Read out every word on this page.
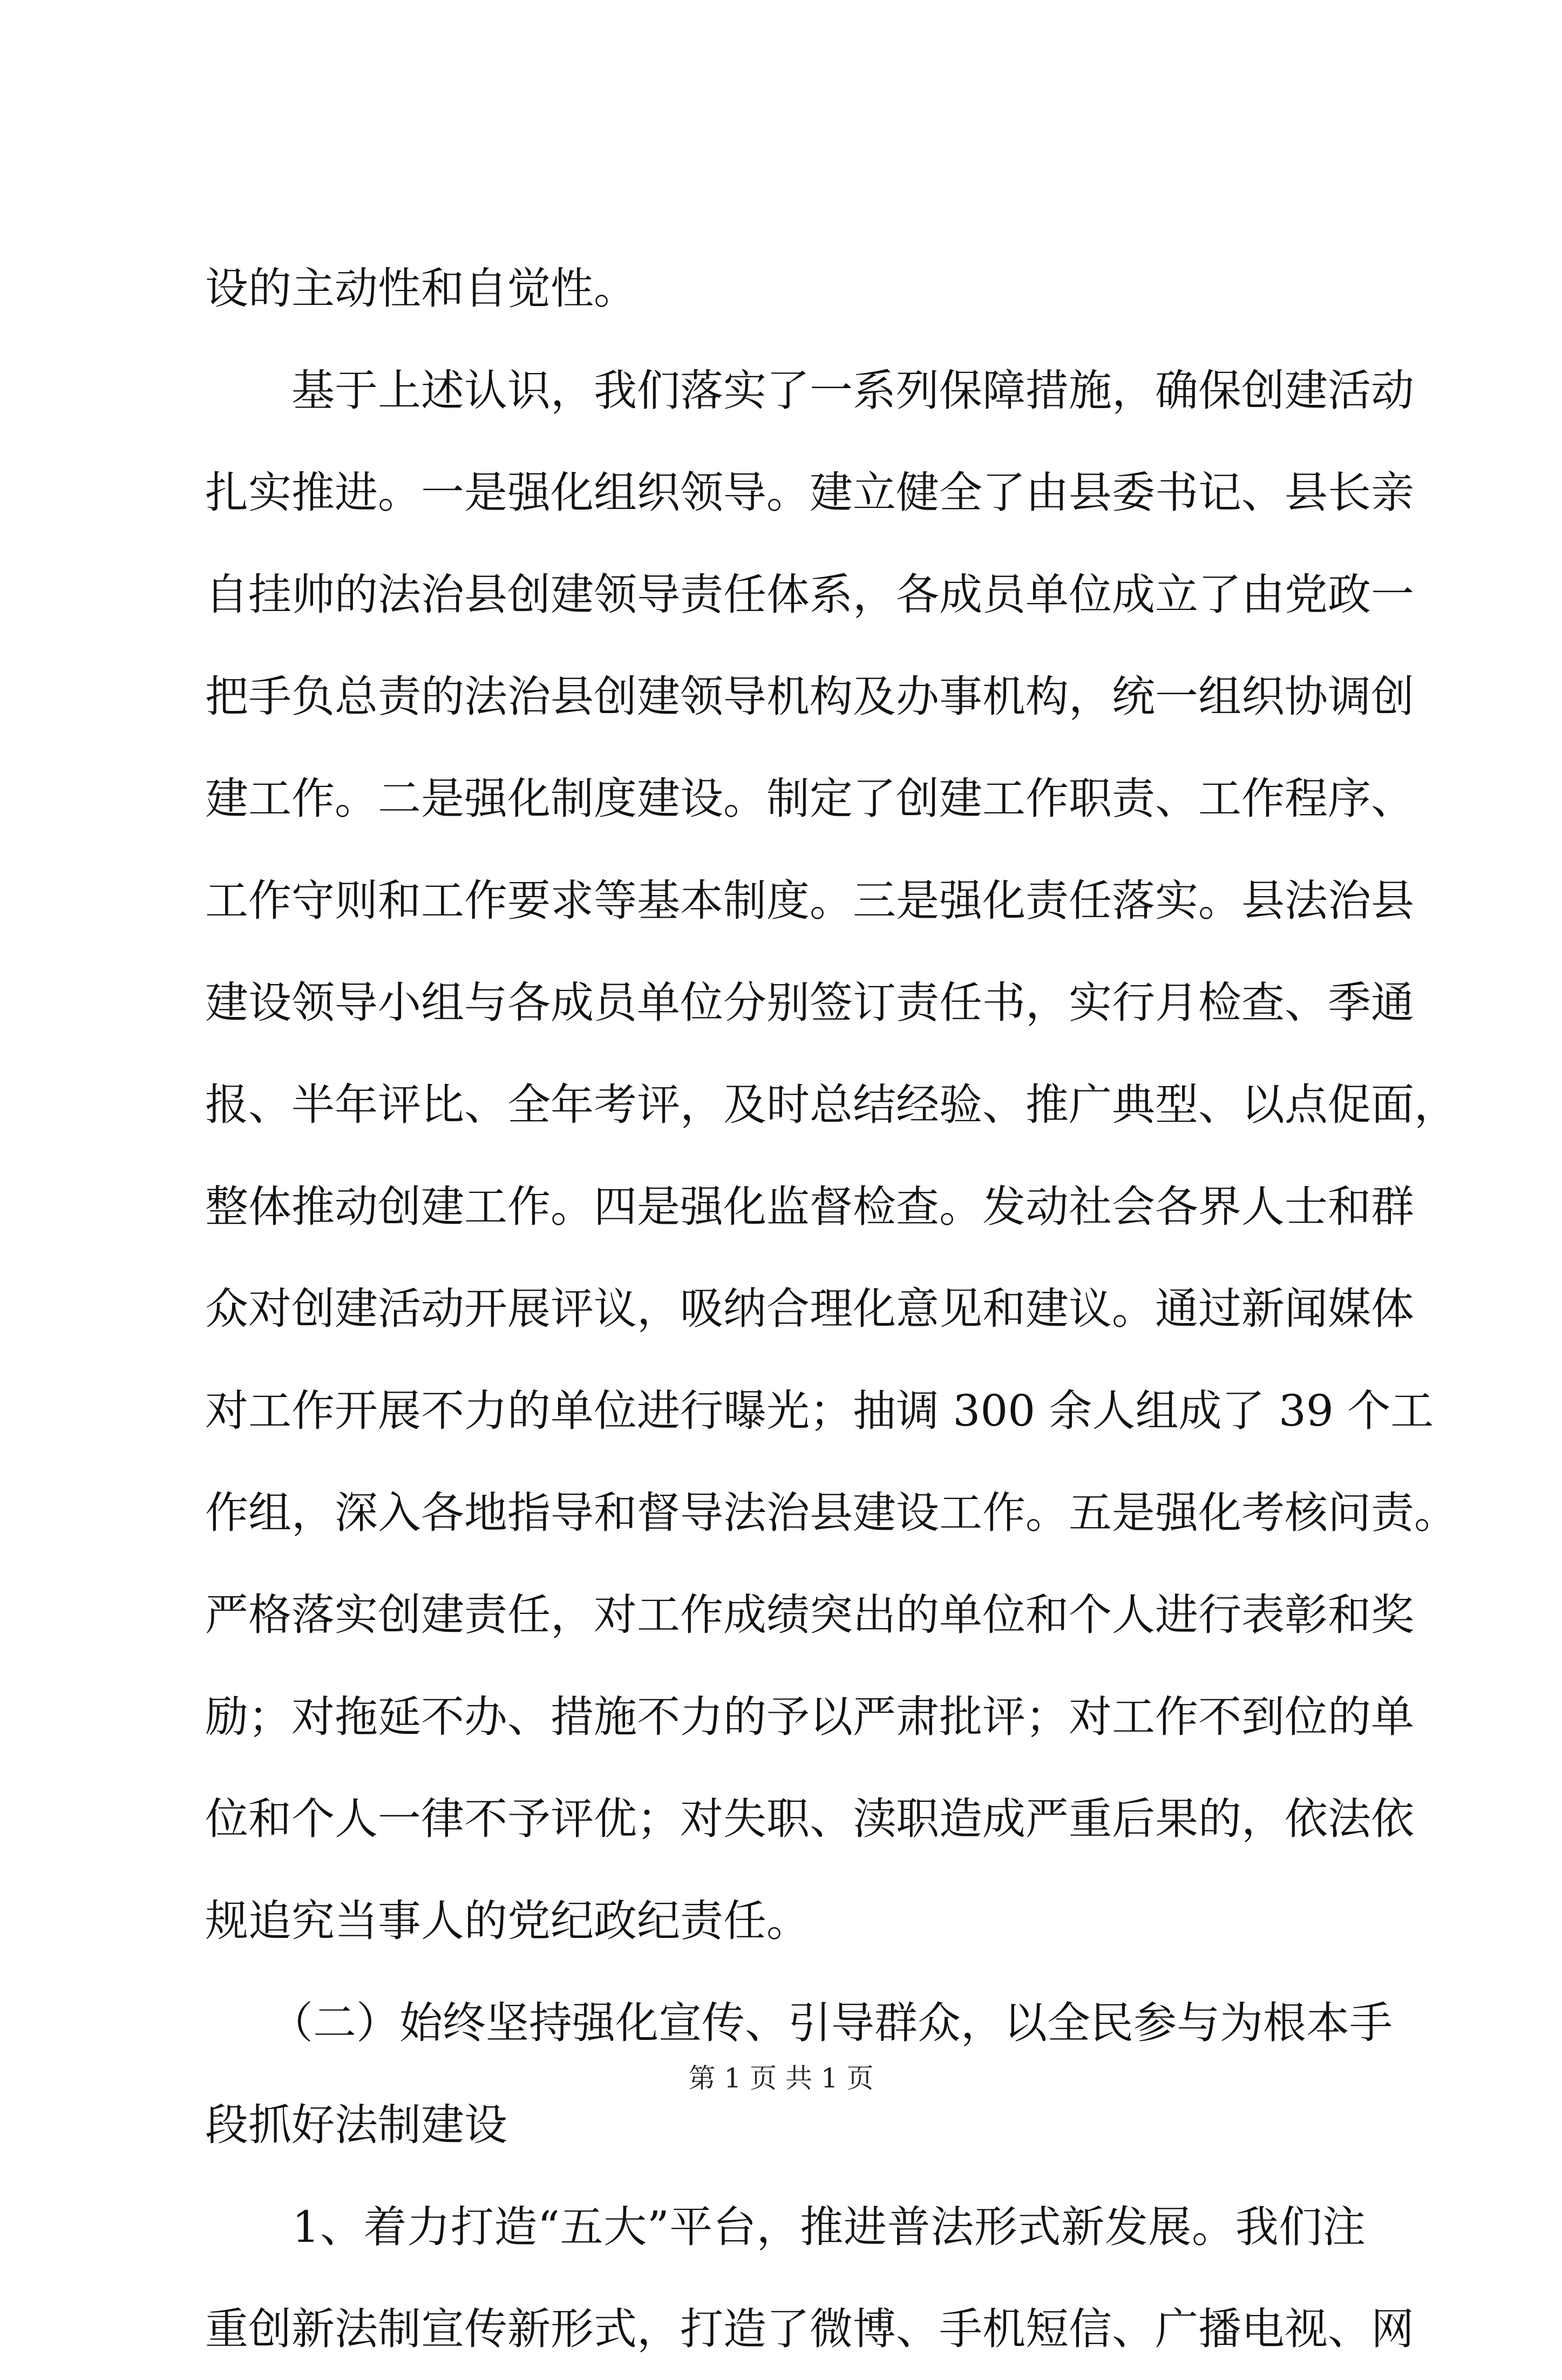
设的主动性和自觉性。
　　基于上述认识，我们落实了一系列保障措施，确保创建活动
扎实推进。一是强化组织领导。建立健全了由县委书记、县长亲
自挂帅的法治县创建领导责任体系，各成员单位成立了由党政一
把手负总责的法治县创建领导机构及办事机构，统一组织协调创
建工作。二是强化制度建设。制定了创建工作职责、工作程序、
工作守则和工作要求等基本制度。三是强化责任落实。县法治县
建设领导小组与各成员单位分别签订责任书，实行月检查、季通
报、半年评比、全年考评，及时总结经验、推广典型、以点促面，
整体推动创建工作。四是强化监督检查。发动社会各界人士和群
众对创建活动开展评议，吸纳合理化意见和建议。通过新闻媒体
对工作开展不力的单位进行曝光；抽调 300 余人组成了 39 个工
作组，深入各地指导和督导法治县建设工作。五是强化考核问责。
严格落实创建责任，对工作成绩突出的单位和个人进行表彰和奖
励；对拖延不办、措施不力的予以严肃批评；对工作不到位的单
位和个人一律不予评优；对失职、渎职造成严重后果的，依法依
规追究当事人的党纪政纪责任。
　　（二）始终坚持强化宣传、引导群众，以全民参与为根本手
段抓好法制建设
　　1、着力打造“五大”平台，推进普法形式新发展。我们注
重创新法制宣传新形式，打造了微博、手机短信、广播电视、网
第 1 页 共 1 页
